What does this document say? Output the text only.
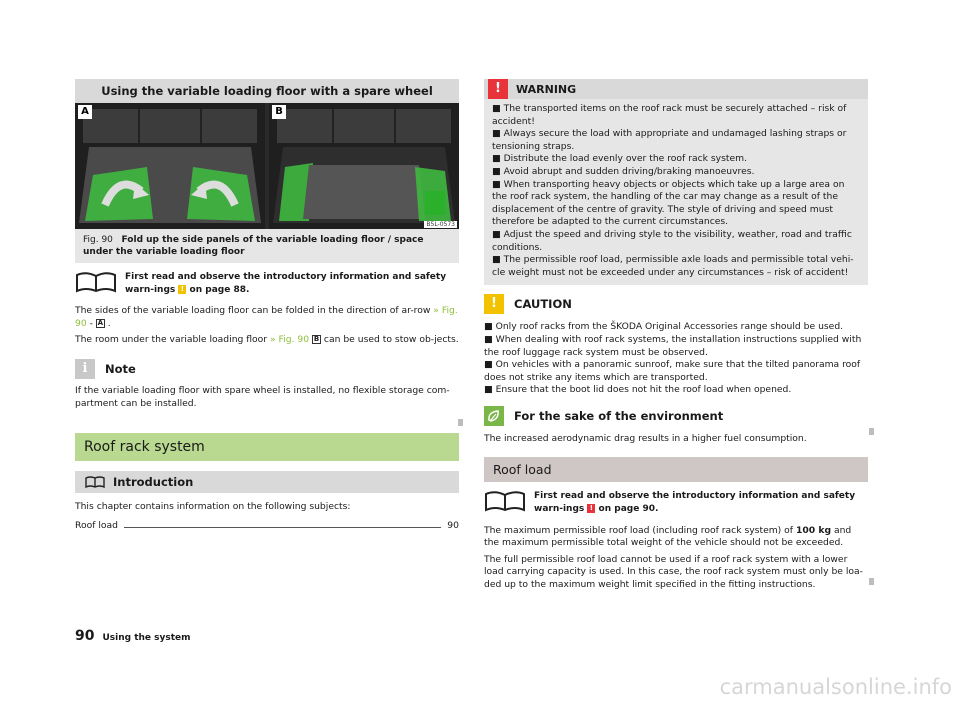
Using the variable loading floor with a spare wheel
A	B
B5L-0573
Fig. 90 Fold up the side panels of the variable loading floor / space under the variable loading floor

First read and observe the introductory information and safety warn-ings ! on page 88.

The sides of the variable loading floor can be folded in the direction of ar-row » Fig. 90 - A .

The room under the variable loading floor » Fig. 90 B can be used to stow ob-jects.

i	Note

If the variable loading floor with spare wheel is installed, no flexible storage com-partment can be installed.

Roof rack system
Introduction

This chapter contains information on the following subjects:

Roof load	90
!	WARNING
■ The transported items on the roof rack must be securely attached – risk of accident!
■ Always secure the load with appropriate and undamaged lashing straps or tensioning straps.
■ Distribute the load evenly over the roof rack system.
■ Avoid abrupt and sudden driving/braking manoeuvres.
■ When transporting heavy objects or objects which take up a large area on the roof rack system, the handling of the car may change as a result of the displacement of the centre of gravity. The style of driving and speed must therefore be adapted to the current circumstances.
■ Adjust the speed and driving style to the visibility, weather, road and traffic conditions.
■ The permissible roof load, permissible axle loads and permissible total vehi-cle weight must not be exceeded under any circumstances – risk of accident!
!	CAUTION
■ Only roof racks from the ŠKODA Original Accessories range should be used.
■ When dealing with roof rack systems, the installation instructions supplied with the roof luggage rack system must be observed.
■ On vehicles with a panoramic sunroof, make sure that the tilted panorama roof does not strike any items which are transported.
■ Ensure that the boot lid does not hit the roof load when opened.
For the sake of the environment

The increased aerodynamic drag results in a higher fuel consumption.

Roof load

First read and observe the introductory information and safety warn-ings ! on page 90.

The maximum permissible roof load (including roof rack system) of 100 kg and the maximum permissible total weight of the vehicle should not be exceeded.

The full permissible roof load cannot be used if a roof rack system with a lower load carrying capacity is used. In this case, the roof rack system must only be loa-ded up to the maximum weight limit specified in the fitting instructions.

90 Using the system
carmanualsonline.info
